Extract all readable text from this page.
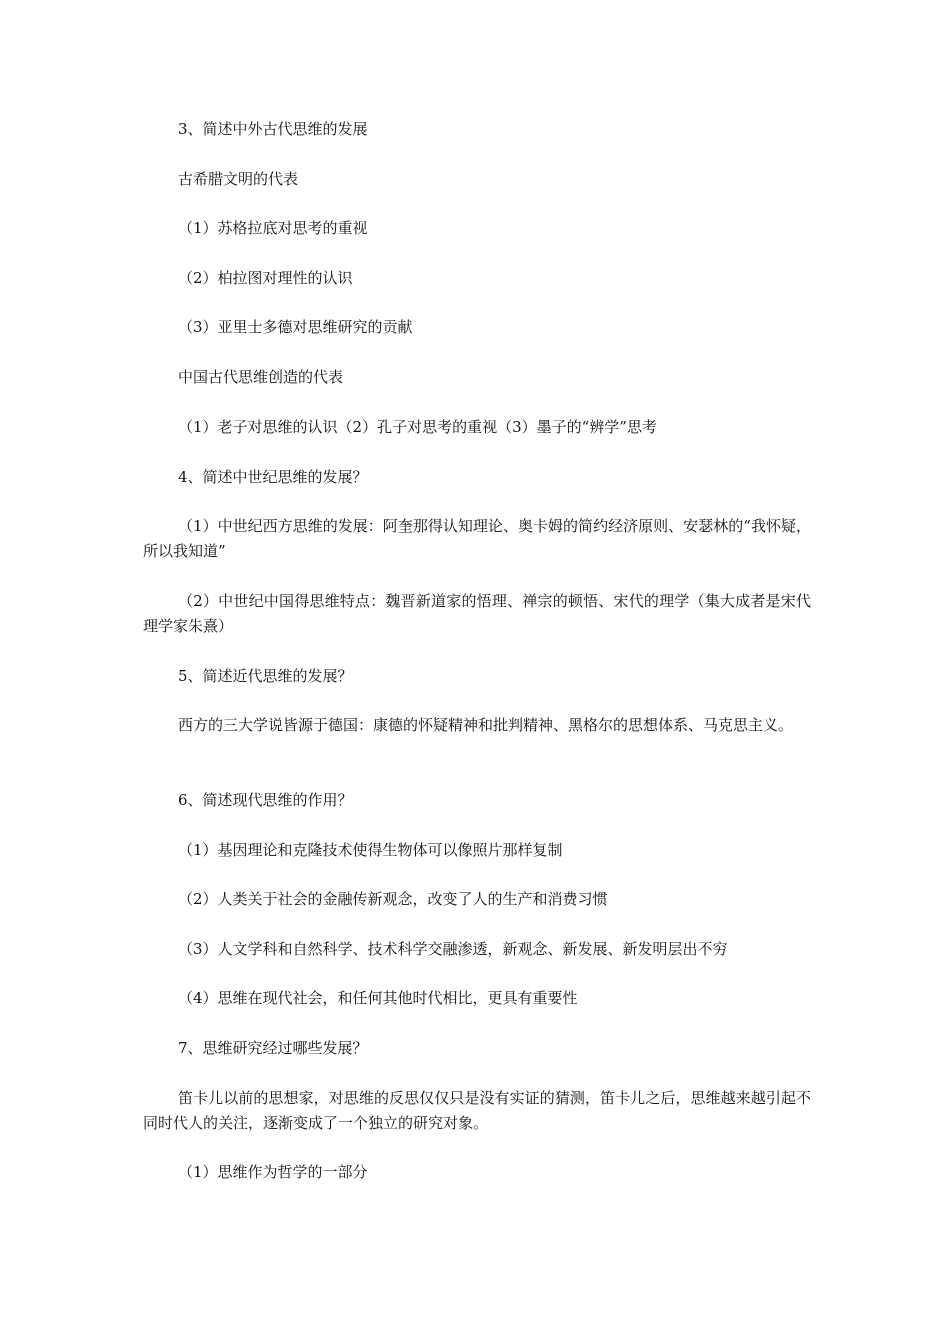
3、简述中外古代思维的发展

古希腊文明的代表

（1）苏格拉底对思考的重视

（2）柏拉图对理性的认识

（3）亚里士多德对思维研究的贡献

中国古代思维创造的代表

（1）老子对思维的认识（2）孔子对思考的重视（3）墨子的“辨学”思考

4、简述中世纪思维的发展？

（1）中世纪西方思维的发展：阿奎那得认知理论、奥卡姆的简约经济原则、安瑟林的“我怀疑，所以我知道”

（2）中世纪中国得思维特点：魏晋新道家的悟理、禅宗的顿悟、宋代的理学（集大成者是宋代理学家朱熹）

5、简述近代思维的发展？

西方的三大学说皆源于德国：康德的怀疑精神和批判精神、黑格尔的思想体系、马克思主义。

6、简述现代思维的作用？

（1）基因理论和克隆技术使得生物体可以像照片那样复制

（2）人类关于社会的金融传新观念，改变了人的生产和消费习惯

（3）人文学科和自然科学、技术科学交融渗透，新观念、新发展、新发明层出不穷

（4）思维在现代社会，和任何其他时代相比，更具有重要性

7、思维研究经过哪些发展？

笛卡儿以前的思想家，对思维的反思仅仅只是没有实证的猜测，笛卡儿之后，思维越来越引起不同时代人的关注，逐渐变成了一个独立的研究对象。

（1）思维作为哲学的一部分
